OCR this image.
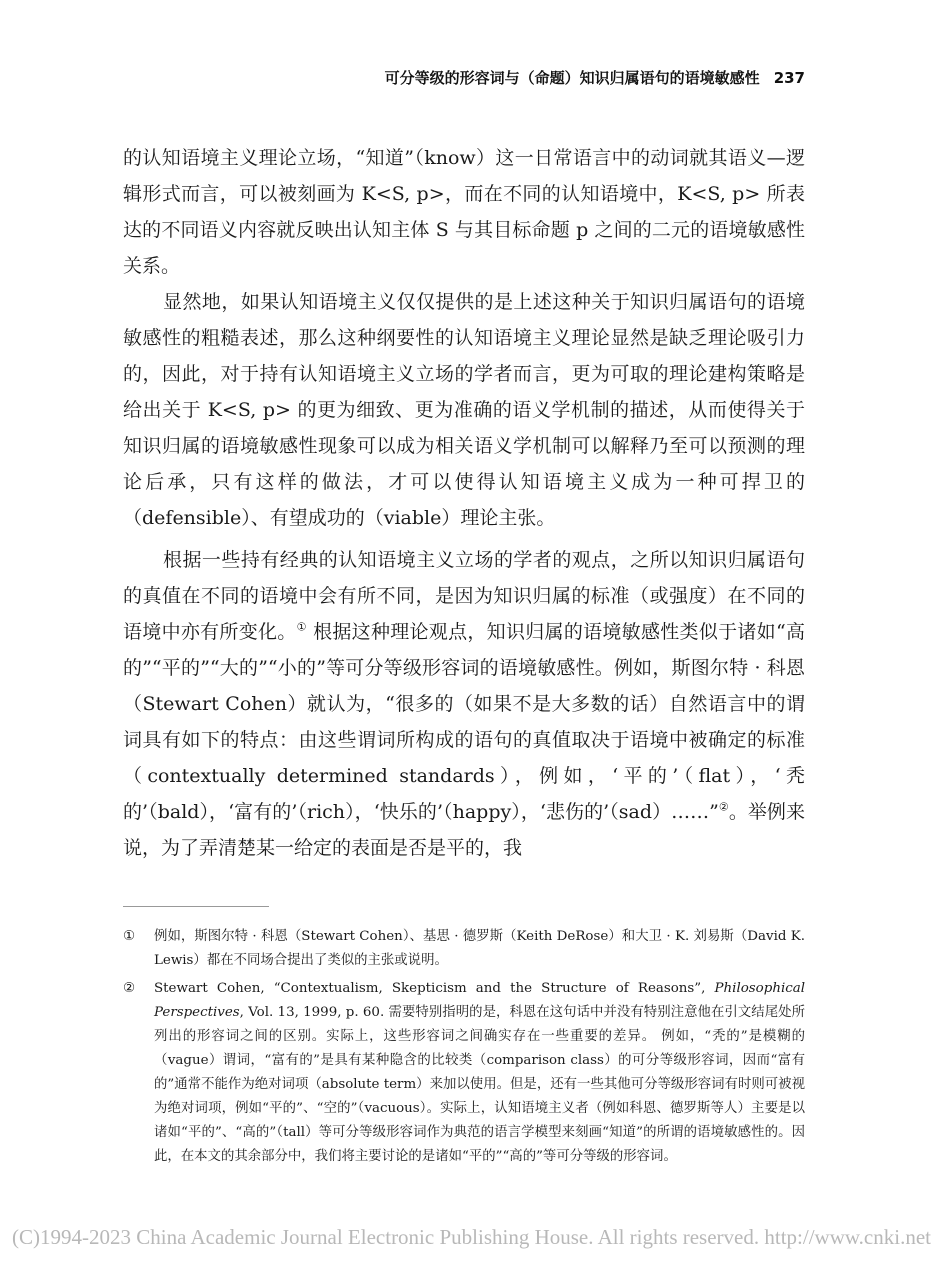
可分等级的形容词与（命题）知识归属语句的语境敏感性 237

的认知语境主义理论立场，“知道”（know）这一日常语言中的动词就其语义—逻辑形式而言，可以被刻画为 K<S, p>，而在不同的认知语境中，K<S, p> 所表达的不同语义内容就反映出认知主体 S 与其目标命题 p 之间的二元的语境敏感性关系。

显然地，如果认知语境主义仅仅提供的是上述这种关于知识归属语句的语境敏感性的粗糙表述，那么这种纲要性的认知语境主义理论显然是缺乏理论吸引力的，因此，对于持有认知语境主义立场的学者而言，更为可取的理论建构策略是给出关于 K<S, p> 的更为细致、更为准确的语义学机制的描述，从而使得关于知识归属的语境敏感性现象可以成为相关语义学机制可以解释乃至可以预测的理论后承，只有这样的做法，才可以使得认知语境主义成为一种可捍卫的（defensible）、有望成功的（viable）理论主张。

根据一些持有经典的认知语境主义立场的学者的观点，之所以知识归属语句的真值在不同的语境中会有所不同，是因为知识归属的标准（或强度）在不同的语境中亦有所变化。① 根据这种理论观点，知识归属的语境敏感性类似于诸如“高的”“平的”“大的”“小的”等可分等级形容词的语境敏感性。例如，斯图尔特 · 科恩（Stewart Cohen）就认为，“很多的（如果不是大多数的话）自然语言中的谓词具有如下的特点：由这些谓词所构成的语句的真值取决于语境中被确定的标准（contextually determined standards），例如，‘平的’（flat），‘秃的’（bald），‘富有的’（rich），‘快乐的’（happy），‘悲伤的’（sad）……”②。举例来说，为了弄清楚某一给定的表面是否是平的，我

①	例如，斯图尔特 · 科恩（Stewart Cohen）、基思 · 德罗斯（Keith DeRose）和大卫 · K. 刘易斯（David K. Lewis）都在不同场合提出了类似的主张或说明。
②	Stewart Cohen, “Contextualism, Skepticism and the Structure of Reasons”, Philosophical Perspectives, Vol. 13, 1999, p. 60. 需要特别指明的是，科恩在这句话中并没有特别注意他在引文结尾处所列出的形容词之间的区别。实际上，这些形容词之间确实存在一些重要的差异。 例如，“秃的”是模糊的（vague）谓词，“富有的”是具有某种隐含的比较类（comparison class）的可分等级形容词，因而“富有的”通常不能作为绝对词项（absolute term）来加以使用。但是，还有一些其他可分等级形容词有时则可被视为绝对词项，例如“平的”、“空的”（vacuous）。实际上，认知语境主义者（例如科恩、德罗斯等人）主要是以诸如“平的”、“高的”（tall）等可分等级形容词作为典范的语言学模型来刻画“知道”的所谓的语境敏感性的。因此，在本文的其余部分中，我们将主要讨论的是诸如“平的”“高的”等可分等级的形容词。
(C)1994-2023 China Academic Journal Electronic Publishing House. All rights reserved. http://www.cnki.net
